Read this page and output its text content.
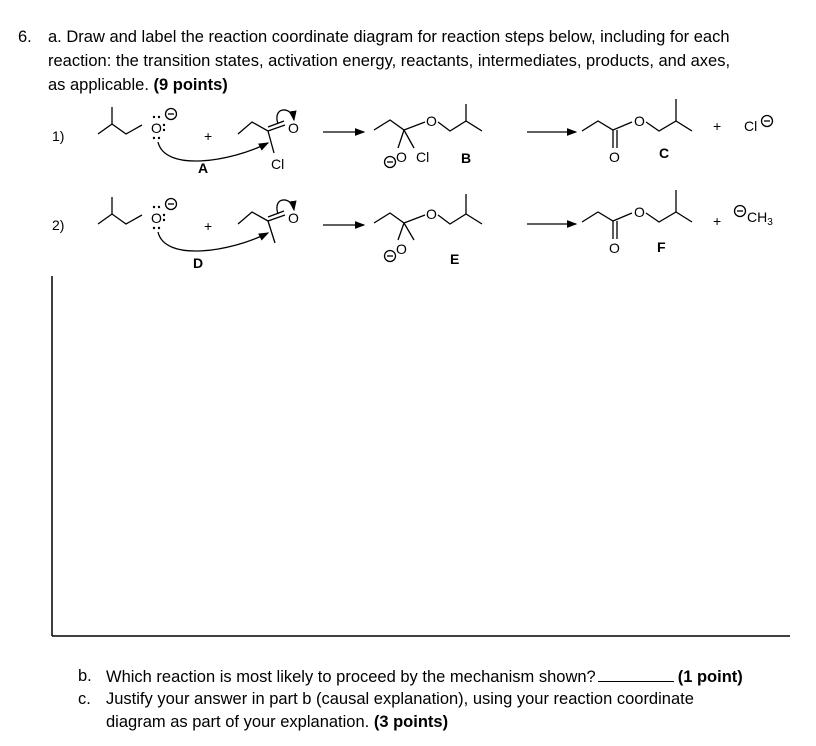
6. a. Draw and label the reaction coordinate diagram for reaction steps below, including for each
reaction: the transition states, activation energy, reactants, intermediates, products, and axes,
as applicable. (9 points)
1)	O	+	O
Cl
A
O
O Cl B	O
O
C
+ Cl
2)	O	+	O
D
O
O
E
O
O
F
+ $CH_3$
b. Which reaction is most likely to proceed by the mechanism shown?	(1 point)
c. Justify your answer in part b (causal explanation), using your reaction coordinate
diagram as part of your explanation. (3 points)
